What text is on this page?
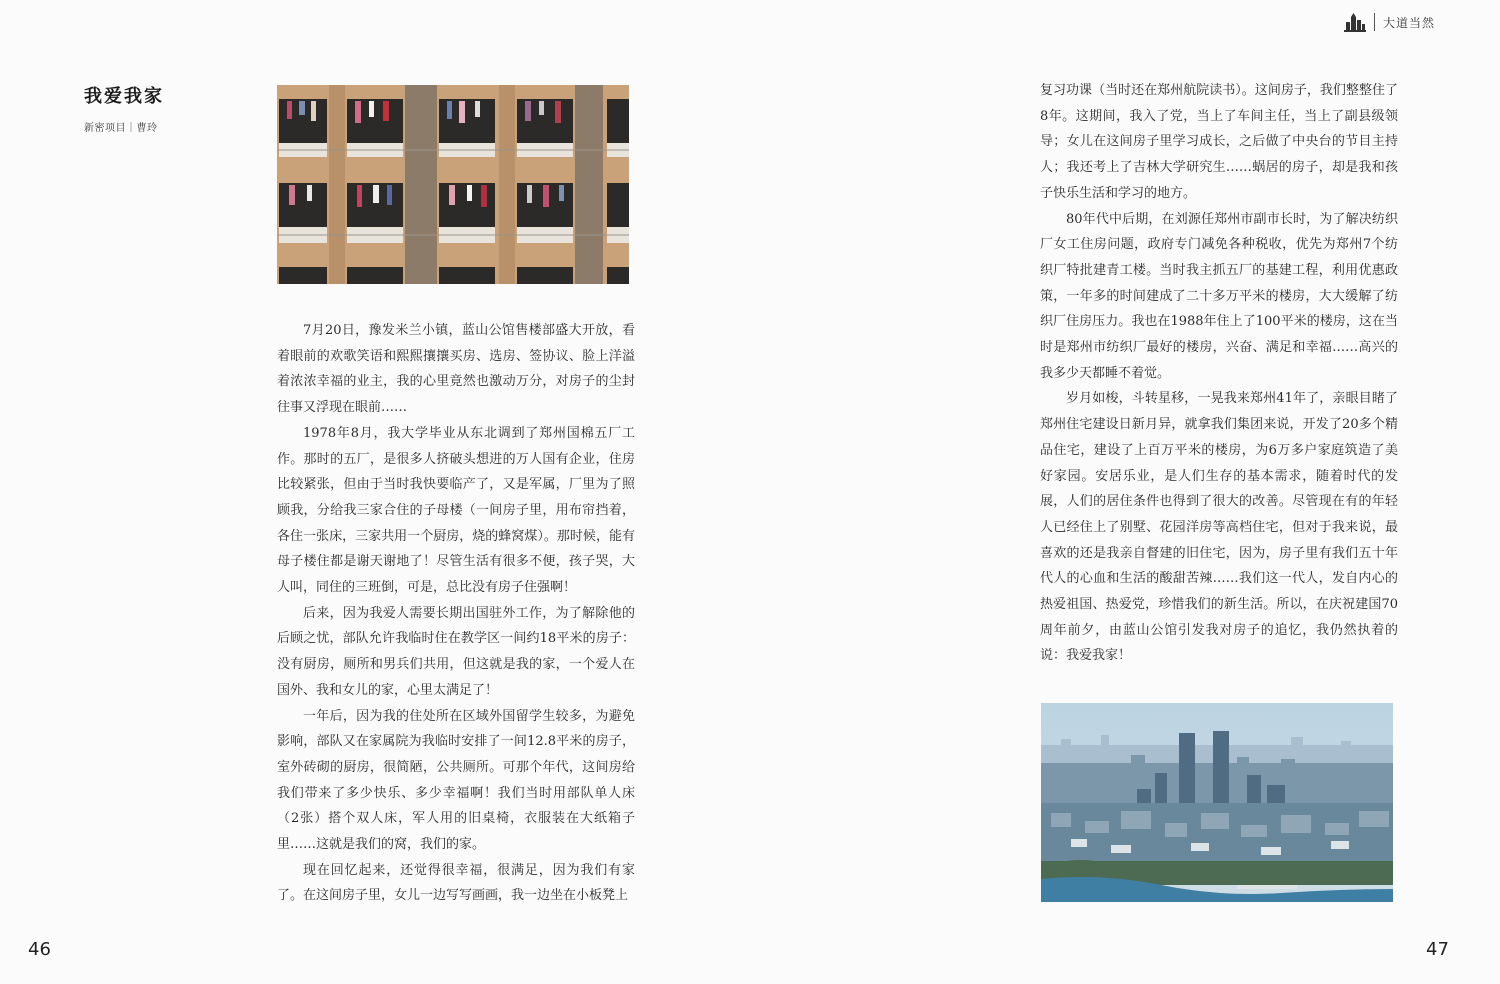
大道当然
我爱我家
新密项目｜曹玲

7月20日，豫发米兰小镇，蓝山公馆售楼部盛大开放，看着眼前的欢歌笑语和熙熙攘攘买房、选房、签协议、脸上洋溢着浓浓幸福的业主，我的心里竟然也激动万分，对房子的尘封往事又浮现在眼前……

1978年8月，我大学毕业从东北调到了郑州国棉五厂工作。那时的五厂，是很多人挤破头想进的万人国有企业，住房比较紧张，但由于当时我快要临产了，又是军属，厂里为了照顾我，分给我三家合住的子母楼（一间房子里，用布帘挡着，各住一张床，三家共用一个厨房，烧的蜂窝煤）。那时候，能有母子楼住都是谢天谢地了！尽管生活有很多不便，孩子哭，大人叫，同住的三班倒，可是，总比没有房子住强啊！

后来，因为我爱人需要长期出国驻外工作，为了解除他的后顾之忧，部队允许我临时住在教学区一间约18平米的房子：没有厨房，厕所和男兵们共用，但这就是我的家，一个爱人在国外、我和女儿的家，心里太满足了！

一年后，因为我的住处所在区域外国留学生较多，为避免影响，部队又在家属院为我临时安排了一间12.8平米的房子，室外砖砌的厨房，很简陋，公共厕所。可那个年代，这间房给我们带来了多少快乐、多少幸福啊！我们当时用部队单人床（2张）搭个双人床，军人用的旧桌椅，衣服装在大纸箱子里……这就是我们的窝，我们的家。

现在回忆起来，还觉得很幸福，很满足，因为我们有家了。在这间房子里，女儿一边写写画画，我一边坐在小板凳上

复习功课（当时还在郑州航院读书）。这间房子，我们整整住了8年。这期间，我入了党，当上了车间主任，当上了副县级领导；女儿在这间房子里学习成长，之后做了中央台的节目主持人；我还考上了吉林大学研究生……蜗居的房子，却是我和孩子快乐生活和学习的地方。

80年代中后期，在刘源任郑州市副市长时，为了解决纺织厂女工住房问题，政府专门减免各种税收，优先为郑州7个纺织厂特批建青工楼。当时我主抓五厂的基建工程，利用优惠政策，一年多的时间建成了二十多万平米的楼房，大大缓解了纺织厂住房压力。我也在1988年住上了100平米的楼房，这在当时是郑州市纺织厂最好的楼房，兴奋、满足和幸福……高兴的我多少天都睡不着觉。

岁月如梭，斗转星移，一晃我来郑州41年了，亲眼目睹了郑州住宅建设日新月异，就拿我们集团来说，开发了20多个精品住宅，建设了上百万平米的楼房，为6万多户家庭筑造了美好家园。安居乐业，是人们生存的基本需求，随着时代的发展，人们的居住条件也得到了很大的改善。尽管现在有的年轻人已经住上了别墅、花园洋房等高档住宅，但对于我来说，最喜欢的还是我亲自督建的旧住宅，因为，房子里有我们五十年代人的心血和生活的酸甜苦辣……我们这一代人，发自内心的热爱祖国、热爱党，珍惜我们的新生活。所以，在庆祝建国70周年前夕，由蓝山公馆引发我对房子的追忆，我仍然执着的说：我爱我家！

46	47
